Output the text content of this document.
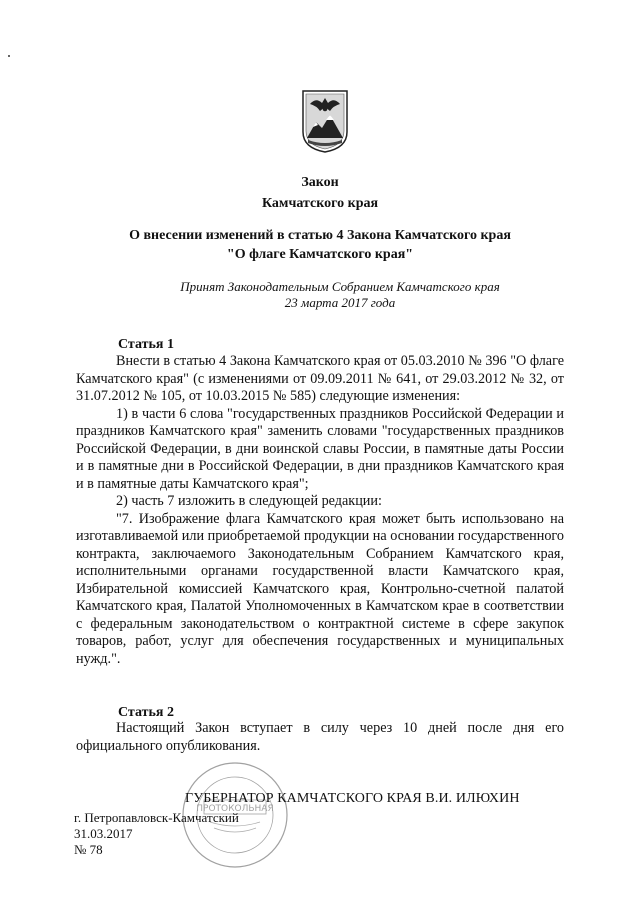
Закон
Камчатского края
О внесении изменений в статью 4 Закона Камчатского края
"О флаге Камчатского края"
Принят Законодательным Собранием Камчатского края
23 марта 2017 года
Статья 1

Внести в статью 4 Закона Камчатского края от 05.03.2010 № 396 "О флаге Камчатского края" (с изменениями от 09.09.2011 № 641, от 29.03.2012 № 32, от 31.07.2012 № 105, от 10.03.2015 № 585) следующие изменения:

1) в части 6 слова "государственных праздников Российской Федерации и праздников Камчатского края" заменить словами "государственных праздников Российской Федерации, в дни воинской славы России, в памятные даты России и в памятные дни в Российской Федерации, в дни праздников Камчатского края и в памятные даты Камчатского края";

2) часть 7 изложить в следующей редакции:

"7. Изображение флага Камчатского края может быть использовано на изготавливаемой или приобретаемой продукции на основании государственного контракта, заключаемого Законодательным Собранием Камчатского края, исполнительными органами государственной власти Камчатского края, Избирательной комиссией Камчатского края, Контрольно-счетной палатой Камчатского края, Палатой Уполномоченных в Камчатском крае в соответствии с федеральным законодательством о контрактной системе в сфере закупок товаров, работ, услуг для обеспечения государственных и муниципальных нужд.".

Статья 2

Настоящий Закон вступает в силу через 10 дней после дня его официального опубликования.

ПРОТОКОЛЬНАЯ
ГУБЕРНАТОР КАМЧАТСКОГО КРАЯ В.И. ИЛЮХИН
г. Петропавловск-Камчатский
31.03.2017
№ 78
